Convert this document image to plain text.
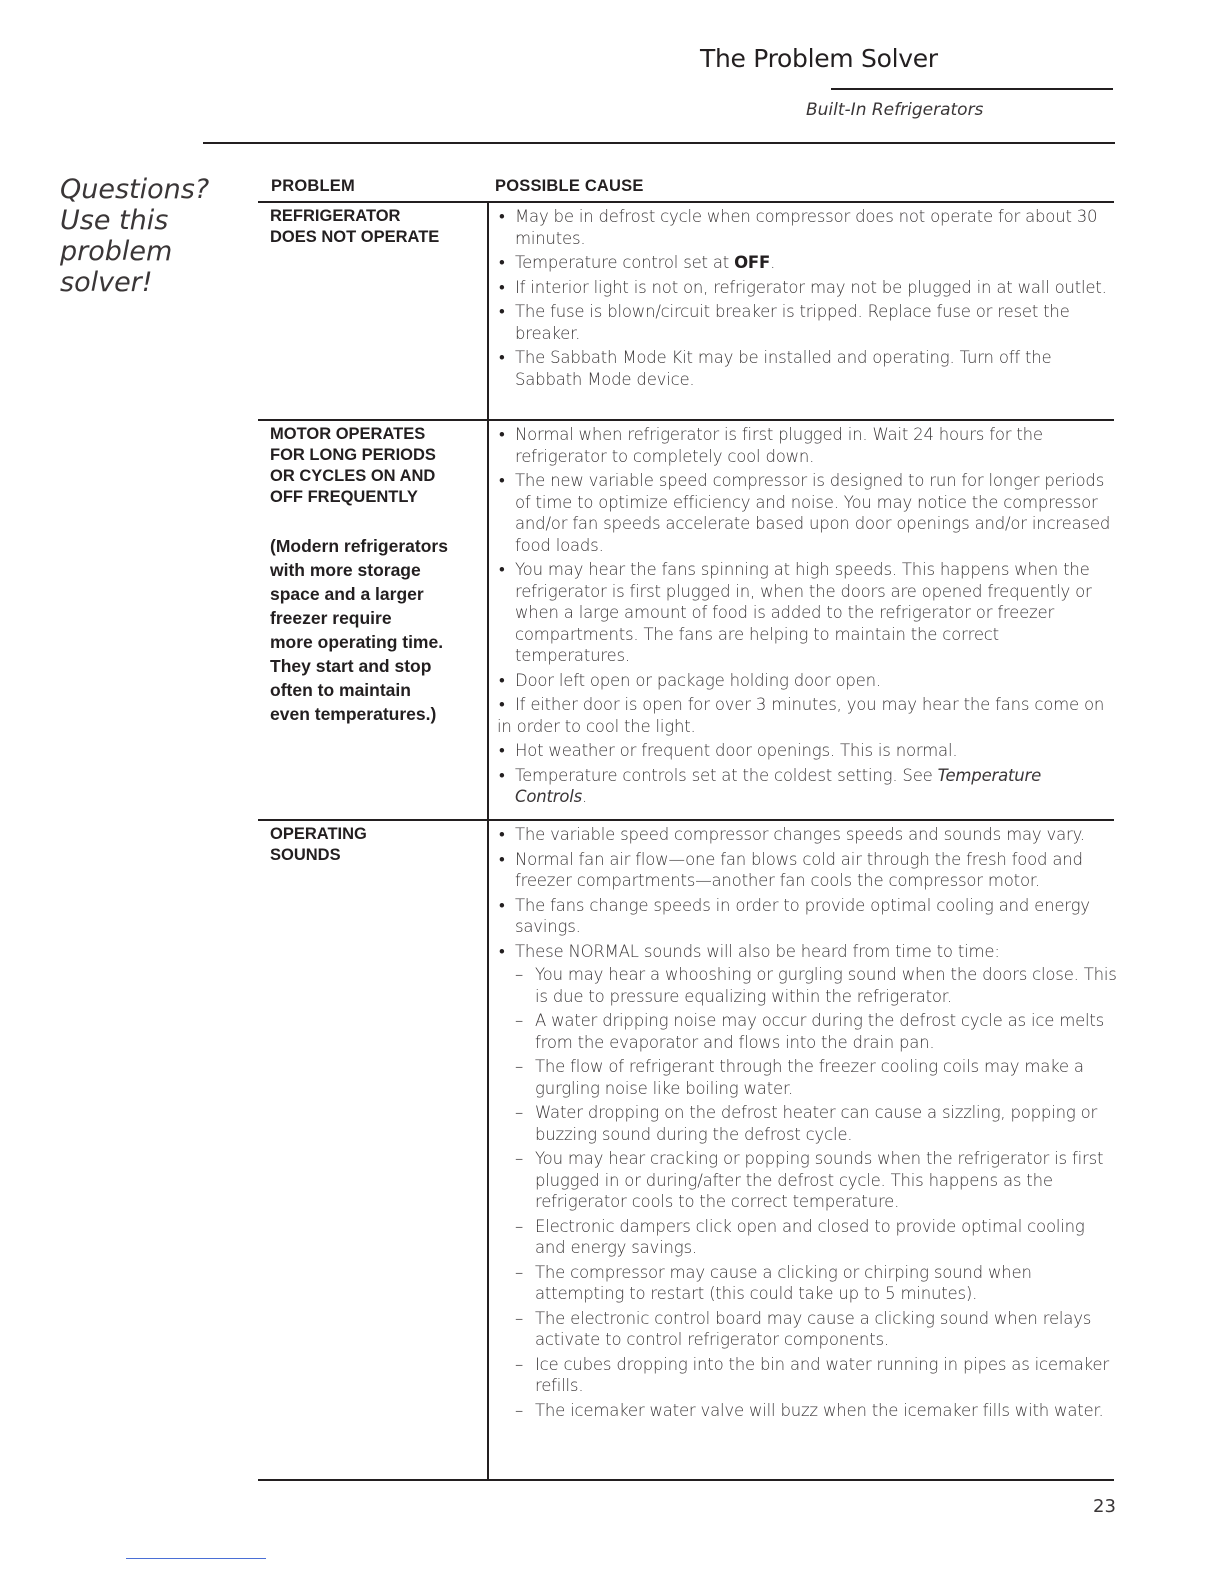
The Problem Solver
Built-In Refrigerators
Questions?
Use this
problem
solver!
PROBLEM	POSSIBLE CAUSE
REFRIGERATOR
DOES NOT OPERATE
• May be in defrost cycle when compressor does not operate for about 30 minutes.
• Temperature control set at OFF.
• If interior light is not on, refrigerator may not be plugged in at wall outlet.
• The fuse is blown/circuit breaker is tripped. Replace fuse or reset the breaker.
• The Sabbath Mode Kit may be installed and operating. Turn off the Sabbath Mode device.
MOTOR OPERATES
FOR LONG PERIODS
OR CYCLES ON AND
OFF FREQUENTLY
(Modern refrigerators
with more storage
space and a larger
freezer require
more operating time.
They start and stop
often to maintain
even temperatures.)
• Normal when refrigerator is first plugged in. Wait 24 hours for the refrigerator to completely cool down.
• The new variable speed compressor is designed to run for longer periods of time to optimize efficiency and noise. You may notice the compressor and/or fan speeds accelerate based upon door openings and/or increased food loads.
• You may hear the fans spinning at high speeds. This happens when the refrigerator is first plugged in, when the doors are opened frequently or when a large amount of food is added to the refrigerator or freezer compartments. The fans are helping to maintain the correct temperatures.
• Door left open or package holding door open.
• If either door is open for over 3 minutes, you may hear the fans come on in order to cool the light.
• Hot weather or frequent door openings. This is normal.
• Temperature controls set at the coldest setting. See Temperature Controls.
OPERATING
SOUNDS
• The variable speed compressor changes speeds and sounds may vary.
• Normal fan air flow—one fan blows cold air through the fresh food and freezer compartments—another fan cools the compressor motor.
• The fans change speeds in order to provide optimal cooling and energy savings.
• These NORMAL sounds will also be heard from time to time:
– You may hear a whooshing or gurgling sound when the doors close. This is due to pressure equalizing within the refrigerator.
– A water dripping noise may occur during the defrost cycle as ice melts from the evaporator and flows into the drain pan.
– The flow of refrigerant through the freezer cooling coils may make a gurgling noise like boiling water.
– Water dropping on the defrost heater can cause a sizzling, popping or buzzing sound during the defrost cycle.
– You may hear cracking or popping sounds when the refrigerator is first plugged in or during/after the defrost cycle. This happens as the refrigerator cools to the correct temperature.
– Electronic dampers click open and closed to provide optimal cooling and energy savings.
– The compressor may cause a clicking or chirping sound when attempting to restart (this could take up to 5 minutes).
– The electronic control board may cause a clicking sound when relays activate to control refrigerator components.
– Ice cubes dropping into the bin and water running in pipes as icemaker refills.
– The icemaker water valve will buzz when the icemaker fills with water.
23
